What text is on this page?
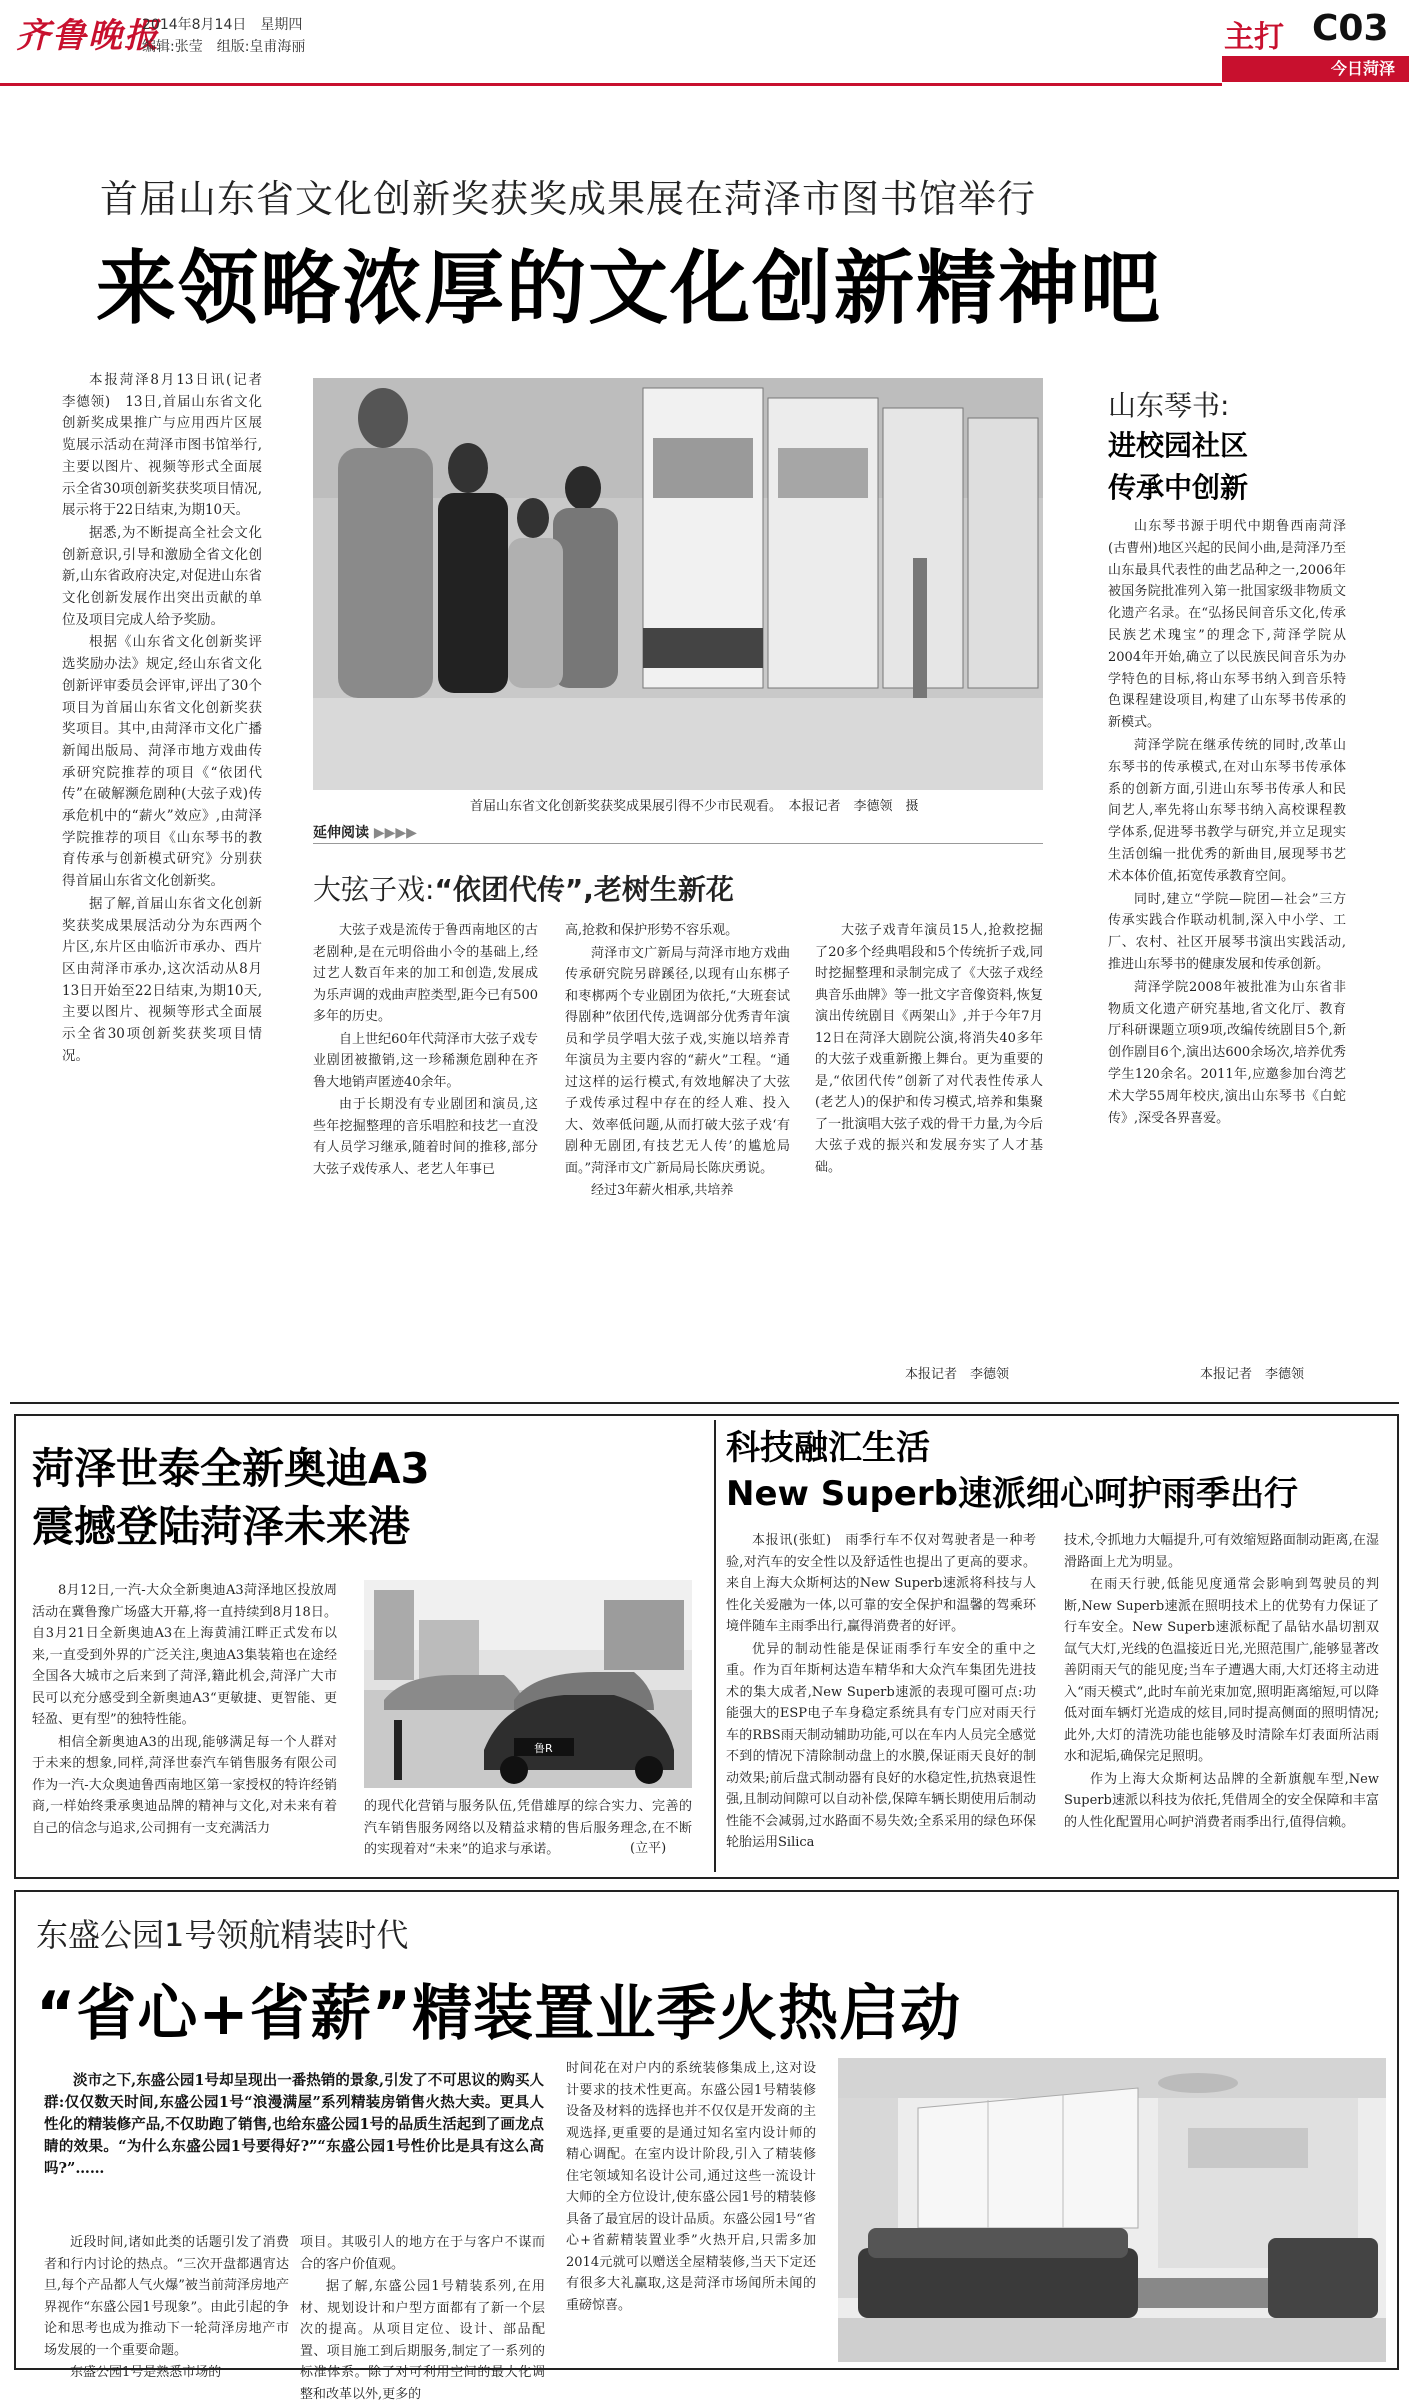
齐鲁晚报
2014年8月14日　星期四
编辑:张莹　组版:皇甫海丽	主打 C03
今日菏泽
首届山东省文化创新奖获奖成果展在菏泽市图书馆举行
来领略浓厚的文化创新精神吧

本报菏泽8月13日讯(记者　李德领)　13日,首届山东省文化创新奖成果推广与应用西片区展览展示活动在菏泽市图书馆举行,主要以图片、视频等形式全面展示全省30项创新奖获奖项目情况,展示将于22日结束,为期10天。

据悉,为不断提高全社会文化创新意识,引导和激励全省文化创新,山东省政府决定,对促进山东省文化创新发展作出突出贡献的单位及项目完成人给予奖励。

根据《山东省文化创新奖评选奖励办法》规定,经山东省文化创新评审委员会评审,评出了30个项目为首届山东省文化创新奖获奖项目。其中,由菏泽市文化广播新闻出版局、菏泽市地方戏曲传承研究院推荐的项目《“依团代传”在破解濒危剧种(大弦子戏)传承危机中的“薪火”效应》,由菏泽学院推荐的项目《山东琴书的教育传承与创新模式研究》分别获得首届山东省文化创新奖。

据了解,首届山东省文化创新奖获奖成果展活动分为东西两个片区,东片区由临沂市承办、西片区由菏泽市承办,这次活动从8月13日开始至22日结束,为期10天,主要以图片、视频等形式全面展示全省30项创新奖获奖项目情况。

首届山东省文化创新奖获奖成果展引得不少市民观看。　本报记者　李德领　摄
延伸阅读 ▶▶▶▶
大弦子戏:“依团代传”,老树生新花

大弦子戏是流传于鲁西南地区的古老剧种,是在元明俗曲小令的基础上,经过艺人数百年来的加工和创造,发展成为乐声调的戏曲声腔类型,距今已有500多年的历史。

自上世纪60年代菏泽市大弦子戏专业剧团被撤销,这一珍稀濒危剧种在齐鲁大地销声匿迹40余年。

由于长期没有专业剧团和演员,这些年挖掘整理的音乐唱腔和技艺一直没有人员学习继承,随着时间的推移,部分大弦子戏传承人、老艺人年事已

高,抢救和保护形势不容乐观。

菏泽市文广新局与菏泽市地方戏曲传承研究院另辟蹊径,以现有山东梆子和枣梆两个专业剧团为依托,“大班套试得剧种”依团代传,选调部分优秀青年演员和学员学唱大弦子戏,实施以培养青年演员为主要内容的“薪火”工程。“通过这样的运行模式,有效地解决了大弦子戏传承过程中存在的经人难、投入大、效率低问题,从而打破大弦子戏‘有剧种无剧团,有技艺无人传’的尴尬局面。”菏泽市文广新局局长陈庆勇说。

经过3年薪火相承,共培养

大弦子戏青年演员15人,抢救挖掘了20多个经典唱段和5个传统折子戏,同时挖掘整理和录制完成了《大弦子戏经典音乐曲牌》等一批文字音像资料,恢复演出传统剧目《两架山》,并于今年7月12日在菏泽大剧院公演,将消失40多年的大弦子戏重新搬上舞台。更为重要的是,“依团代传”创新了对代表性传承人(老艺人)的保护和传习模式,培养和集聚了一批演唱大弦子戏的骨干力量,为今后大弦子戏的振兴和发展夯实了人才基础。

本报记者　李德领
山东琴书:
进校园社区
传承中创新

山东琴书源于明代中期鲁西南菏泽(古曹州)地区兴起的民间小曲,是菏泽乃至山东最具代表性的曲艺品种之一,2006年被国务院批准列入第一批国家级非物质文化遗产名录。在“弘扬民间音乐文化,传承民族艺术瑰宝”的理念下,菏泽学院从2004年开始,确立了以民族民间音乐为办学特色的目标,将山东琴书纳入到音乐特色课程建设项目,构建了山东琴书传承的新模式。

菏泽学院在继承传统的同时,改革山东琴书的传承模式,在对山东琴书传承体系的创新方面,引进山东琴书传承人和民间艺人,率先将山东琴书纳入高校课程教学体系,促进琴书教学与研究,并立足现实生活创编一批优秀的新曲目,展现琴书艺术本体价值,拓宽传承教育空间。

同时,建立“学院—院团—社会”三方传承实践合作联动机制,深入中小学、工厂、农村、社区开展琴书演出实践活动,推进山东琴书的健康发展和传承创新。

菏泽学院2008年被批准为山东省非物质文化遗产研究基地,省文化厅、教育厅科研课题立项9项,改编传统剧目5个,新创作剧目6个,演出达600余场次,培养优秀学生120余名。2011年,应邀参加台湾艺术大学55周年校庆,演出山东琴书《白蛇传》,深受各界喜爱。

本报记者　李德领
菏泽世泰全新奥迪A3
震撼登陆菏泽未来港

8月12日,一汽-大众全新奥迪A3菏泽地区投放周活动在冀鲁豫广场盛大开幕,将一直持续到8月18日。自3月21日全新奥迪A3在上海黄浦江畔正式发布以来,一直受到外界的广泛关注,奥迪A3集装箱也在途经全国各大城市之后来到了菏泽,籍此机会,菏泽广大市民可以充分感受到全新奥迪A3“更敏捷、更智能、更轻盈、更有型”的独特性能。

相信全新奥迪A3的出现,能够满足每一个人群对于未来的想象,同样,菏泽世泰汽车销售服务有限公司作为一汽-大众奥迪鲁西南地区第一家授权的特许经销商,一样始终秉承奥迪品牌的精神与文化,对未来有着自己的信念与追求,公司拥有一支充满活力

鲁R

的现代化营销与服务队伍,凭借雄厚的综合实力、完善的汽车销售服务网络以及精益求精的售后服务理念,在不断的实现着对“未来”的追求与承诺。	(立平)
科技融汇生活
New Superb速派细心呵护雨季出行

本报讯(张虹)　雨季行车不仅对驾驶者是一种考验,对汽车的安全性以及舒适性也提出了更高的要求。来自上海大众斯柯达的New Superb速派将科技与人性化关爱融为一体,以可靠的安全保护和温馨的驾乘环境伴随车主雨季出行,赢得消费者的好评。

优异的制动性能是保证雨季行车安全的重中之重。作为百年斯柯达造车精华和大众汽车集团先进技术的集大成者,New Superb速派的表现可圈可点:功能强大的ESP电子车身稳定系统具有专门应对雨天行车的RBS雨天制动辅助功能,可以在车内人员完全感觉不到的情况下清除制动盘上的水膜,保证雨天良好的制动效果;前后盘式制动器有良好的水稳定性,抗热衰退性强,且制动间隙可以自动补偿,保障车辆长期使用后制动性能不会减弱,过水路面不易失效;全系采用的绿色环保轮胎运用Silica

技术,令抓地力大幅提升,可有效缩短路面制动距离,在湿滑路面上尤为明显。

在雨天行驶,低能见度通常会影响到驾驶员的判断,New Superb速派在照明技术上的优势有力保证了行车安全。New Superb速派标配了晶钻水晶切割双氙气大灯,光线的色温接近日光,光照范围广,能够显著改善阴雨天气的能见度;当车子遭遇大雨,大灯还将主动进入“雨天模式”,此时车前光束加宽,照明距离缩短,可以降低对面车辆灯光造成的炫目,同时提高侧面的照明情况;此外,大灯的清洗功能也能够及时清除车灯表面所沾雨水和泥垢,确保完足照明。

作为上海大众斯柯达品牌的全新旗舰车型,New Superb速派以科技为依托,凭借周全的安全保障和丰富的人性化配置用心呵护消费者雨季出行,值得信赖。

东盛公园1号领航精装时代
“省心+省薪”精装置业季火热启动

淡市之下,东盛公园1号却呈现出一番热销的景象,引发了不可思议的购买人群:仅仅数天时间,东盛公园1号“浪漫满屋”系列精装房销售火热大卖。更具人性化的精装修产品,不仅助跑了销售,也给东盛公园1号的品质生活起到了画龙点睛的效果。“为什么东盛公园1号要得好?”“东盛公园1号性价比是具有这么高吗?”……

近段时间,诸如此类的话题引发了消费者和行内讨论的热点。“三次开盘都遇宵达旦,每个产品都人气火爆”被当前菏泽房地产界视作“东盛公园1号现象”。由此引起的争论和思考也成为推动下一轮菏泽房地产市场发展的一个重要命题。

东盛公园1号是熟悉市场的

项目。其吸引人的地方在于与客户不谋而合的客户价值观。

据了解,东盛公园1号精装系列,在用材、规划设计和户型方面都有了新一个层次的提高。从项目定位、设计、部品配置、项目施工到后期服务,制定了一系列的标准体系。除了对可利用空间的最大化调整和改革以外,更多的

时间花在对户内的系统装修集成上,这对设计要求的技术性更高。东盛公园1号精装修设备及材料的选择也并不仅仅是开发商的主观选择,更重要的是通过知名室内设计师的精心调配。在室内设计阶段,引入了精装修住宅领域知名设计公司,通过这些一流设计大师的全方位设计,使东盛公园1号的精装修具备了最宜居的设计品质。东盛公园1号“省心+省薪精装置业季”火热开启,只需多加2014元就可以赠送全屋精装修,当天下定还有很多大礼赢取,这是菏泽市场闻所未闻的重磅惊喜。
